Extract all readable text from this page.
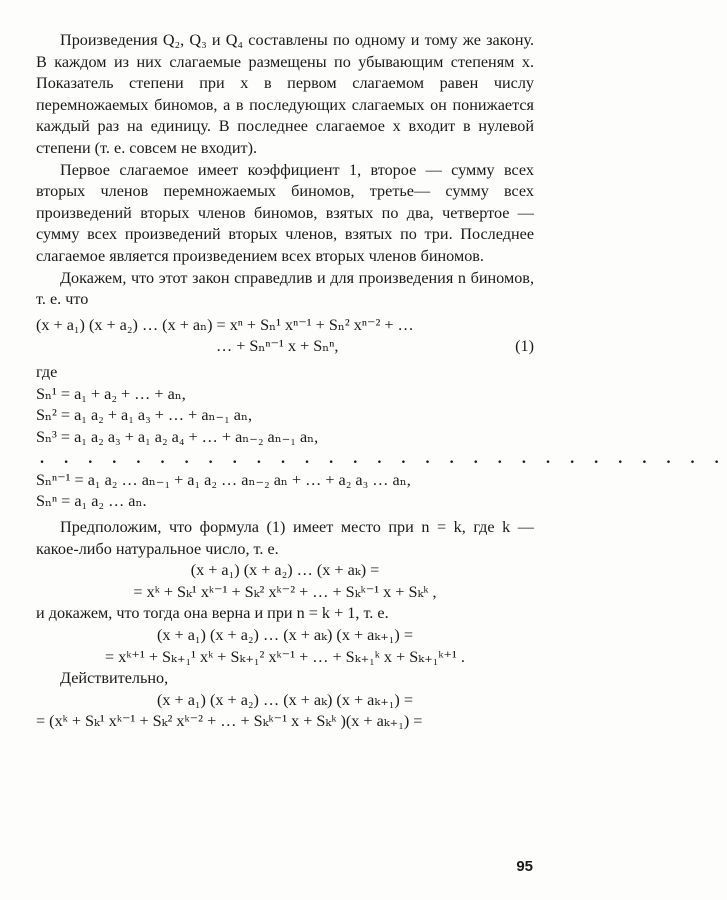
Произведения Q₂, Q₃ и Q₄ составлены по одному и тому же закону. В каждом из них слагаемые размещены по убывающим степеням x. Показатель степени при x в первом слагаемом равен числу перемножаемых биномов, а в последующих слагаемых он понижается каждый раз на единицу. В последнее слагаемое x входит в нулевой степени (т. е. совсем не входит).

Первое слагаемое имеет коэффициент 1, второе — сумму всех вторых членов перемножаемых биномов, третье— сумму всех произведений вторых членов биномов, взятых по два, четвертое — сумму всех произведений вторых членов, взятых по три. Последнее слагаемое является произведением всех вторых членов биномов.

Докажем, что этот закон справедлив и для произведения n биномов, т. е. что

(x + a₁) (x + a₂) … (x + aₙ) = xⁿ + Sₙ¹ xⁿ⁻¹ + Sₙ² xⁿ⁻² + …
… + Sₙⁿ⁻¹ x + Sₙⁿ,	(1)
где
Sₙ¹ = a₁ + a₂ + … + aₙ,
Sₙ² = a₁ a₂ + a₁ a₃ + … + aₙ₋₁ aₙ,
Sₙ³ = a₁ a₂ a₃ + a₁ a₂ a₄ + … + aₙ₋₂ aₙ₋₁ aₙ,
. . . . . . . . . . . . . . . . . . . . . . . . . . . . .
Sₙⁿ⁻¹ = a₁ a₂ … aₙ₋₁ + a₁ a₂ … aₙ₋₂ aₙ + … + a₂ a₃ … aₙ,
Sₙⁿ = a₁ a₂ … aₙ.

Предположим, что формула (1) имеет место при n = k, где k — какое-либо натуральное число, т. е.

(x + a₁) (x + a₂) … (x + aₖ) =
= xᵏ + Sₖ¹ xᵏ⁻¹ + Sₖ² xᵏ⁻² + … + Sₖᵏ⁻¹ x + Sₖᵏ ,

и докажем, что тогда она верна и при n = k + 1, т. е.

(x + a₁) (x + a₂) … (x + aₖ) (x + aₖ₊₁) =
= xᵏ⁺¹ + Sₖ₊₁¹ xᵏ + Sₖ₊₁² xᵏ⁻¹ + … + Sₖ₊₁ᵏ x + Sₖ₊₁ᵏ⁺¹ .

Действительно,

(x + a₁) (x + a₂) … (x + aₖ) (x + aₖ₊₁) =
= (xᵏ + Sₖ¹ xᵏ⁻¹ + Sₖ² xᵏ⁻² + … + Sₖᵏ⁻¹ x + Sₖᵏ )(x + aₖ₊₁) =
95
